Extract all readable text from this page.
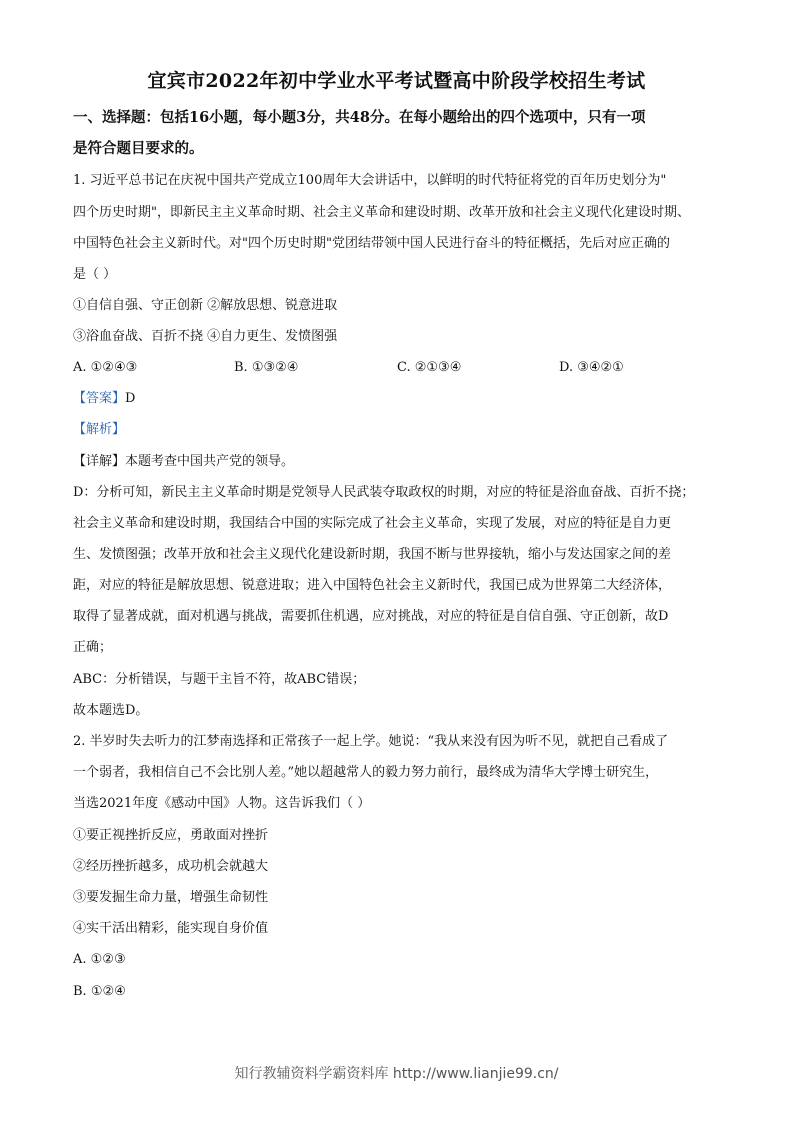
宜宾市2022年初中学业水平考试暨高中阶段学校招生考试
一、选择题：包括16小题，每小题3分，共48分。在每小题给出的四个选项中，只有一项
是符合题目要求的。
1. 习近平总书记在庆祝中国共产党成立100周年大会讲话中，以鲜明的时代特征将党的百年历史划分为"
四个历史时期"，即新民主主义革命时期、社会主义革命和建设时期、改革开放和社会主义现代化建设时期、
中国特色社会主义新时代。对"四个历史时期"党团结带领中国人民进行奋斗的特征概括，先后对应正确的
是（ ）
①自信自强、守正创新 ②解放思想、锐意进取
③浴血奋战、百折不挠 ④自力更生、发愤图强
A. ①②④③	B. ①③②④	C. ②①③④	D. ③④②①
【答案】D
【解析】
【详解】本题考查中国共产党的领导。
D：分析可知，新民主主义革命时期是党领导人民武装夺取政权的时期，对应的特征是浴血奋战、百折不挠；
社会主义革命和建设时期，我国结合中国的实际完成了社会主义革命，实现了发展，对应的特征是自力更
生、发愤图强；改革开放和社会主义现代化建设新时期，我国不断与世界接轨，缩小与发达国家之间的差
距，对应的特征是解放思想、锐意进取；进入中国特色社会主义新时代，我国已成为世界第二大经济体，
取得了显著成就，面对机遇与挑战，需要抓住机遇，应对挑战，对应的特征是自信自强、守正创新，故D
正确；
ABC：分析错误，与题干主旨不符，故ABC错误；
故本题选D。
2. 半岁时失去听力的江梦南选择和正常孩子一起上学。她说：“我从来没有因为听不见，就把自己看成了
一个弱者，我相信自己不会比别人差。”她以超越常人的毅力努力前行，最终成为清华大学博士研究生，
当选2021年度《感动中国》人物。这告诉我们（ ）
①要正视挫折反应，勇敢面对挫折
②经历挫折越多，成功机会就越大
③要发掘生命力量，增强生命韧性
④实干活出精彩，能实现自身价值
A. ①②③
B. ①②④
知行教辅资料学霸资料库 http://www.lianjie99.cn/
